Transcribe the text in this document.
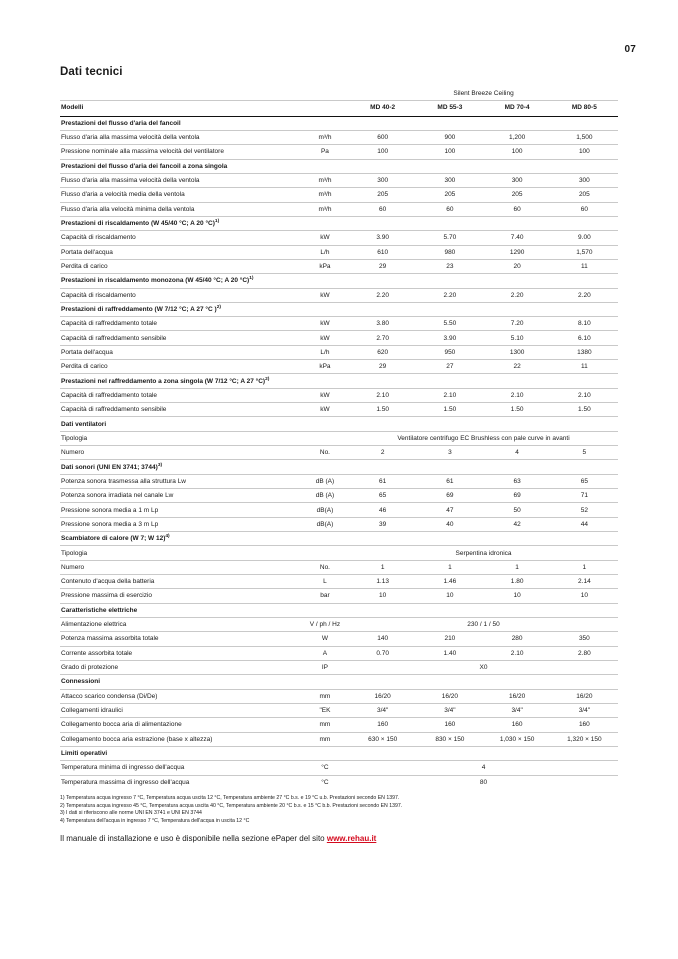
07
Dati tecnici
		Silent Breeze Ceiling			
Modelli		MD 40-2	MD 55-3	MD 70-4	MD 80-5
Prestazioni del flusso d'aria del fancoil					
Flusso d'aria alla massima velocità della ventola	m³/h	600	900	1,200	1,500
Pressione nominale alla massima velocità del ventilatore	Pa	100	100	100	100
Prestazioni del flusso d'aria dei fancoil a zona singola					
Flusso d'aria alla massima velocità della ventola	m³/h	300	300	300	300
Flusso d'aria a velocità media della ventola	m³/h	205	205	205	205
Flusso d'aria alla velocità minima della ventola	m³/h	60	60	60	60
Prestazioni di riscaldamento (W 45/40 °C; A 20 °C)$^{1)}$
Capacità di riscaldamento	kW	3.90	5.70	7.40	9.00
Portata dell'acqua	L/h	610	980	1290	1,570
Perdita di carico	kPa	29	23	20	11
Prestazioni in riscaldamento monozona (W 45/40 °C; A 20 °C)$^{1)}$
Capacità di riscaldamento	kW	2.20	2.20	2.20	2.20
Prestazioni di raffreddamento (W 7/12 °C; A 27 °C )$^{2)}$
Capacità di raffreddamento totale	kW	3.80	5.50	7.20	8.10
Capacità di raffreddamento sensibile	kW	2.70	3.90	5.10	6.10
Portata dell'acqua	L/h	620	950	1300	1380
Perdita di carico	kPa	29	27	22	11
Prestazioni nel raffreddamento a zona singola (W 7/12 °C; A 27 °C)$^{2)}$
Capacità di raffreddamento totale	kW	2.10	2.10	2.10	2.10
Capacità di raffreddamento sensibile	kW	1.50	1.50	1.50	1.50
Dati ventilatori					
Tipologia		Ventilatore centrifugo EC Brushless con pale curve in avanti			
Numero	No.	2	3	4	5
Dati sonori (UNI EN 3741; 3744)$^{3)}$
Potenza sonora trasmessa alla struttura Lw	dB (A)	61	61	63	65
Potenza sonora irradiata nel canale Lw	dB (A)	65	69	69	71
Pressione sonora media a 1 m Lp	dB(A)	46	47	50	52
Pressione sonora media a 3 m Lp	dB(A)	39	40	42	44
Scambiatore di calore (W 7; W 12)$^{4)}$
Tipologia		Serpentina idronica			
Numero	No.	1	1	1	1
Contenuto d'acqua della batteria	L	1.13	1.46	1.80	2.14
Pressione massima di esercizio	bar	10	10	10	10
Caratteristiche elettriche					
Alimentazione elettrica	V / ph / Hz	230 / 1 / 50			
Potenza massima assorbita totale	W	140	210	280	350
Corrente assorbita totale	A	0.70	1.40	2.10	2.80
Grado di protezione	IP	X0			
Connessioni					
Attacco scarico condensa (Di/De)	mm	16/20	16/20	16/20	16/20
Collegamenti idraulici	"EK	3/4"	3/4"	3/4"	3/4"
Collegamento bocca aria di alimentazione	mm	160	160	160	160
Collegamento bocca aria estrazione (base x altezza)	mm	630 × 150	830 × 150	1,030 × 150	1,320 × 150
Limiti operativi					
Temperatura minima di ingresso dell'acqua	°C	4			
Temperatura massima di ingresso dell'acqua	°C	80			
1) Temperatura acqua ingresso 7 °C, Temperatura acqua uscita 12 °C, Temperatura ambiente 27 °C b.s. e 19 °C u.b. Prestazioni secondo EN 1397.
2) Temperatura acqua ingresso 45 °C, Temperatura acqua uscita 40 °C, Temperatura ambiente 20 °C b.s. e 15 °C b.b. Prestazioni secondo EN 1397.
3) I dati si riferiscono alle norme UNI EN 3741 e UNI EN 3744
4) Temperatura dell'acqua in ingresso 7 °C, Temperatura dell'acqua in uscita 12 °C
Il manuale di installazione e uso è disponibile nella sezione ePaper del sito www.rehau.it
